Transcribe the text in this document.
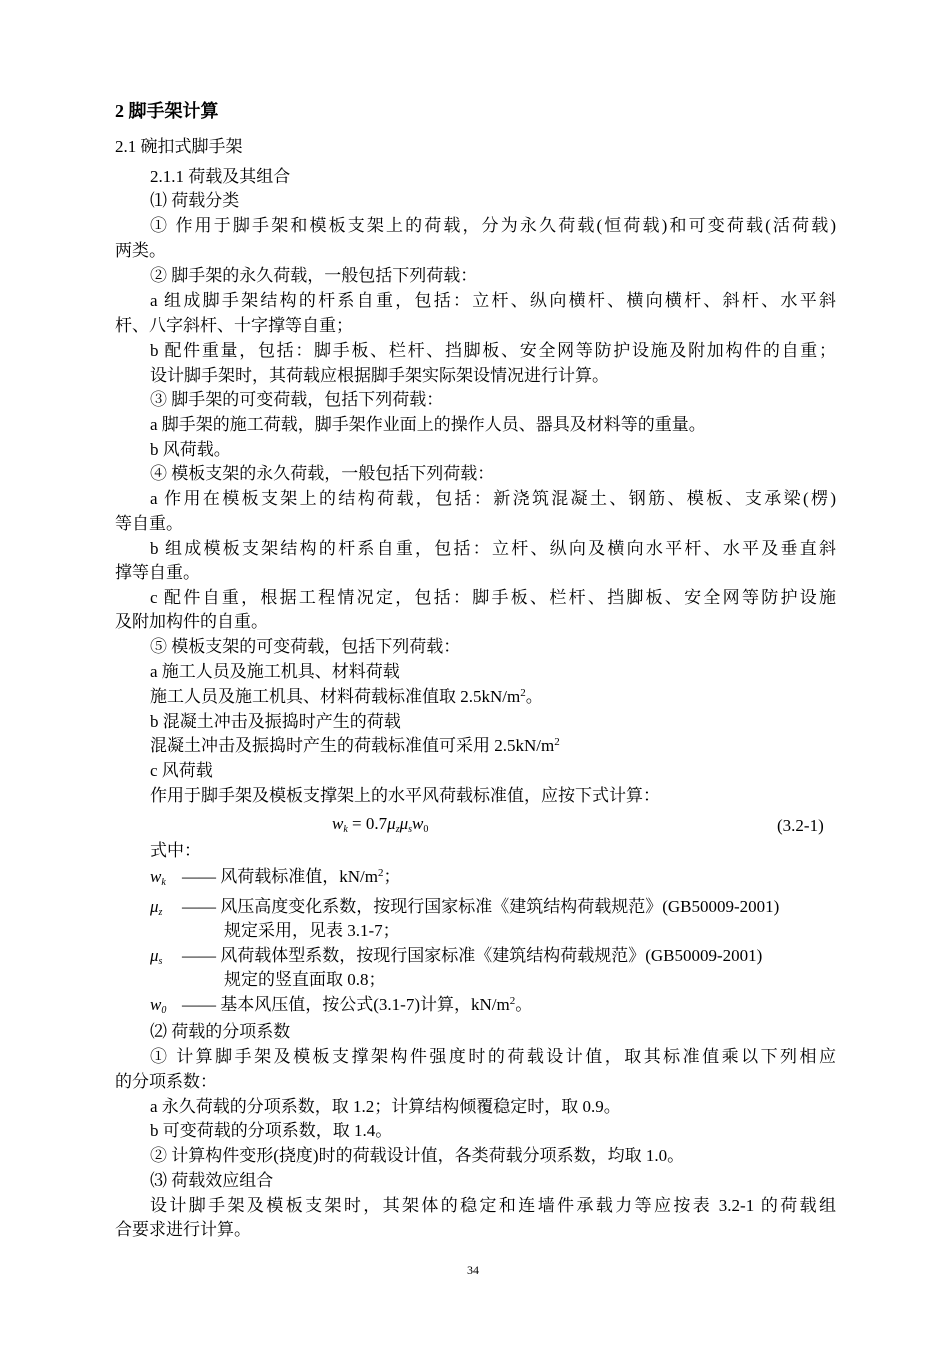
2 脚手架计算
2.1 碗扣式脚手架
2.1.1 荷载及其组合
⑴ 荷载分类
① 作用于脚手架和模板支架上的荷载，分为永久荷载(恒荷载)和可变荷载(活荷载)
两类。
② 脚手架的永久荷载，一般包括下列荷载：
a 组成脚手架结构的杆系自重，包括：立杆、纵向横杆、横向横杆、斜杆、水平斜
杆、八字斜杆、十字撑等自重；
b 配件重量，包括：脚手板、栏杆、挡脚板、安全网等防护设施及附加构件的自重；
设计脚手架时，其荷载应根据脚手架实际架设情况进行计算。
③ 脚手架的可变荷载，包括下列荷载：
a 脚手架的施工荷载，脚手架作业面上的操作人员、器具及材料等的重量。
b 风荷载。
④ 模板支架的永久荷载，一般包括下列荷载：
a 作用在模板支架上的结构荷载，包括：新浇筑混凝土、钢筋、模板、支承梁(楞)
等自重。
b 组成模板支架结构的杆系自重，包括：立杆、纵向及横向水平杆、水平及垂直斜
撑等自重。
c 配件自重，根据工程情况定，包括：脚手板、栏杆、挡脚板、安全网等防护设施
及附加构件的自重。
⑤ 模板支架的可变荷载，包括下列荷载：
a 施工人员及施工机具、材料荷载
施工人员及施工机具、材料荷载标准值取 $2.5kN/m^2$。
b 混凝土冲击及振捣时产生的荷载
混凝土冲击及振捣时产生的荷载标准值可采用 $2.5kN/m^2$
c 风荷载
作用于脚手架及模板支撑架上的水平风荷载标准值，应按下式计算：
$w_k = 0.7\mu_z\mu_sw_0$	(3.2-1)
式中：
$w_k$ —— 风荷载标准值，$kN/m^2$；
$\mu_z$ —— 风压高度变化系数，按现行国家标准《建筑结构荷载规范》(GB50009-2001)
规定采用，见表 3.1-7；
$\mu_s$ —— 风荷载体型系数，按现行国家标准《建筑结构荷载规范》(GB50009-2001)
规定的竖直面取 0.8；
$w_0$ —— 基本风压值，按公式(3.1-7)计算，$kN/m^2$。
⑵ 荷载的分项系数
① 计算脚手架及模板支撑架构件强度时的荷载设计值，取其标准值乘以下列相应
的分项系数：
a 永久荷载的分项系数，取 1.2；计算结构倾覆稳定时，取 0.9。
b 可变荷载的分项系数，取 1.4。
② 计算构件变形(挠度)时的荷载设计值，各类荷载分项系数，均取 1.0。
⑶ 荷载效应组合
设计脚手架及模板支架时，其架体的稳定和连墙件承载力等应按表 3.2-1 的荷载组
合要求进行计算。
34
